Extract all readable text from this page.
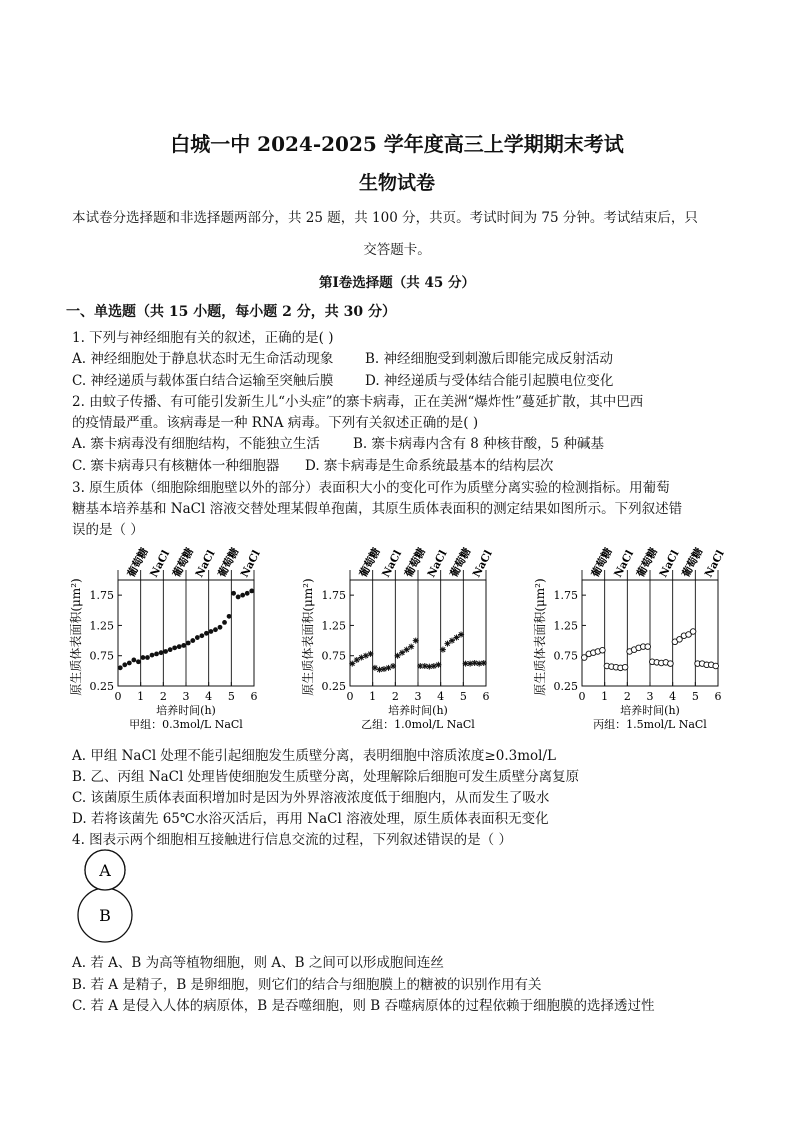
白城一中 2024-2025 学年度高三上学期期末考试
生物试卷
本试卷分选择题和非选择题两部分，共 25 题，共 100 分，共页。考试时间为 75 分钟。考试结束后，只
交答题卡。
第Ⅰ卷选择题（共 45 分）
一、单选题（共 15 小题，每小题 2 分，共 30 分）
1. 下列与神经细胞有关的叙述，正确的是( )
A. 神经细胞处于静息状态时无生命活动现象 B. 神经细胞受到刺激后即能完成反射活动
C. 神经递质与载体蛋白结合运输至突触后膜 D. 神经递质与受体结合能引起膜电位变化
2. 由蚊子传播、有可能引发新生儿“小头症”的寨卡病毒，正在美洲“爆炸性”蔓延扩散，其中巴西
的疫情最严重。该病毒是一种 RNA 病毒。下列有关叙述正确的是( )
A. 寨卡病毒没有细胞结构，不能独立生活 B. 寨卡病毒内含有 8 种核苷酸，5 种碱基
C. 寨卡病毒只有核糖体一种细胞器 D. 寨卡病毒是生命系统最基本的结构层次
3. 原生质体（细胞除细胞壁以外的部分）表面积大小的变化可作为质壁分离实验的检测指标。用葡萄
糖基本培养基和 NaCl 溶液交替处理某假单孢菌，其原生质体表面积的测定结果如图所示。下列叙述错
误的是（ ）
原生质体表面积(μm²)
葡萄糖
NaCl
葡萄糖
NaCl
葡萄糖
NaCl
0.25
0.75
1.25
1.75
0 1 2 3 4 5 6
培养时间(h)
甲组：0.3mol/L NaCl
原生质体表面积(μm²)
葡萄糖
NaCl
葡萄糖
NaCl
葡萄糖
NaCl
0.25
0.75
1.25
1.75
0 1 2 3 4 5 6
培养时间(h)
乙组：1.0mol/L NaCl
原生质体表面积(μm²)
葡萄糖
NaCl
葡萄糖
NaCl
葡萄糖
NaCl
0.25
0.75
1.25
1.75
0 1 2 3 4 5 6
培养时间(h)
丙组：1.5mol/L NaCl
A. 甲组 NaCl 处理不能引起细胞发生质壁分离，表明细胞中溶质浓度≥0.3mol/L
B. 乙、丙组 NaCl 处理皆使细胞发生质壁分离，处理解除后细胞可发生质壁分离复原
C. 该菌原生质体表面积增加时是因为外界溶液浓度低于细胞内，从而发生了吸水
D. 若将该菌先 65℃水浴灭活后，再用 NaCl 溶液处理，原生质体表面积无变化
4. 图表示两个细胞相互接触进行信息交流的过程，下列叙述错误的是（ ）
A
B
A. 若 A、B 为高等植物细胞，则 A、B 之间可以形成胞间连丝
B. 若 A 是精子，B 是卵细胞，则它们的结合与细胞膜上的糖被的识别作用有关
C. 若 A 是侵入人体的病原体，B 是吞噬细胞，则 B 吞噬病原体的过程依赖于细胞膜的选择透过性
